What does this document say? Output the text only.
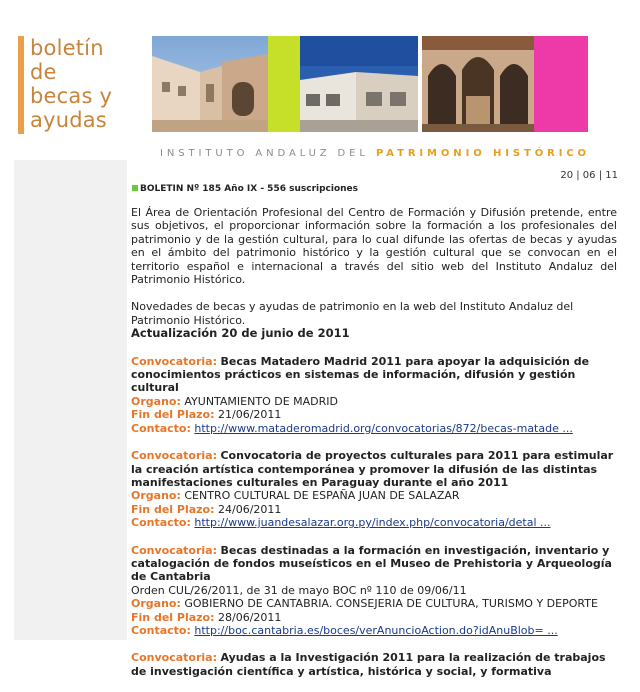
boletín
de
becas y
ayudas
INSTITUTO ANDALUZ DEL PATRIMONIO HISTÓRICO
20 | 06 | 11
BOLETIN Nº 185 Año IX - 556 suscripciones

El Área de Orientación Profesional del Centro de Formación y Difusión pretende, entre sus objetivos, el proporcionar información sobre la formación a los profesionales del patrimonio y de la gestión cultural, para lo cual difunde las ofertas de becas y ayudas en el ámbito del patrimonio histórico y la gestión cultural que se convocan en el territorio español e internacional a través del sitio web del Instituto Andaluz del Patrimonio Histórico.

Novedades de becas y ayudas de patrimonio en la web del Instituto Andaluz del Patrimonio Histórico.

Actualización 20 de junio de 2011
Convocatoria: Becas Matadero Madrid 2011 para apoyar la adquisición de conocimientos prácticos en sistemas de información, difusión y gestión cultural
Organo: AYUNTAMIENTO DE MADRID
Fin del Plazo: 21/06/2011
Contacto: http://www.mataderomadrid.org/convocatorias/872/becas-matade ...
Convocatoria: Convocatoria de proyectos culturales para 2011 para estimular la creación artística contemporánea y promover la difusión de las distintas manifestaciones culturales en Paraguay durante el año 2011
Organo: CENTRO CULTURAL DE ESPAÑA JUAN DE SALAZAR
Fin del Plazo: 24/06/2011
Contacto: http://www.juandesalazar.org.py/index.php/convocatoria/detal ...
Convocatoria: Becas destinadas a la formación en investigación, inventario y catalogación de fondos museísticos en el Museo de Prehistoria y Arqueología de Cantabria
Orden CUL/26/2011, de 31 de mayo BOC nº 110 de 09/06/11
Organo: GOBIERNO DE CANTABRIA. CONSEJERIA DE CULTURA, TURISMO Y DEPORTE
Fin del Plazo: 28/06/2011
Contacto: http://boc.cantabria.es/boces/verAnuncioAction.do?idAnuBlob= ...
Convocatoria: Ayudas a la Investigación 2011 para la realización de trabajos de investigación científica y artística, histórica y social, y formativa
